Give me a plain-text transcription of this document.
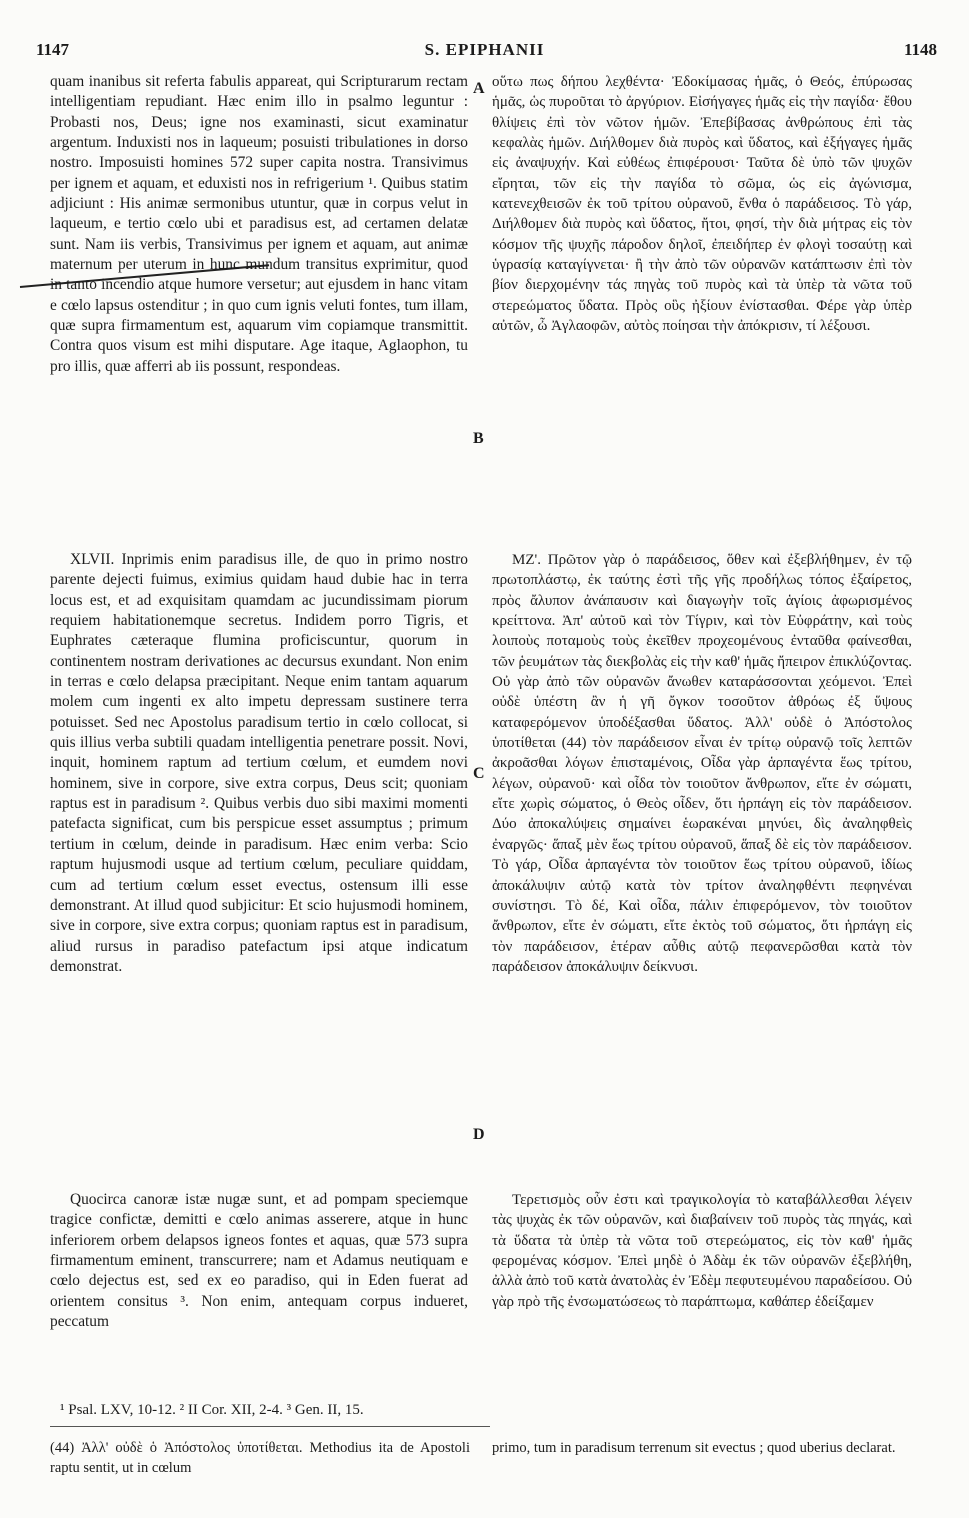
1147	S. EPIPHANII	1148
A
B
C
D

quam inanibus sit referta fabulis appareat, qui Scripturarum rectam intelligentiam repudiant. Hæc enim illo in psalmo leguntur : Probasti nos, Deus; igne nos examinasti, sicut examinatur argentum. Induxisti nos in laqueum; posuisti tribulationes in dorso nostro. Imposuisti homines 572 super capita nostra. Transivimus per ignem et aquam, et eduxisti nos in refrigerium ¹. Quibus statim adjiciunt : His animæ sermonibus utuntur, quæ in corpus velut in laqueum, e tertio cœlo ubi et paradisus est, ad certamen delatæ sunt. Nam iis verbis, Transivimus per ignem et aquam, aut animæ maternum per uterum in hunc mundum transitus exprimitur, quod in tanto incendio atque humore versetur; aut ejusdem in hanc vitam e cœlo lapsus ostenditur ; in quo cum ignis veluti fontes, tum illam, quæ supra firmamentum est, aquarum vim copiamque transmittit. Contra quos visum est mihi disputare. Age itaque, Aglaophon, tu pro illis, quæ afferri ab iis possunt, respondeas.

XLVII. Inprimis enim paradisus ille, de quo in primo nostro parente dejecti fuimus, eximius quidam haud dubie hac in terra locus est, et ad exquisitam quamdam ac jucundissimam piorum requiem habitationemque secretus. Indidem porro Tigris, et Euphrates cæteraque flumina proficiscuntur, quorum in continentem nostram derivationes ac decursus exundant. Non enim in terras e cœlo delapsa præcipitant. Neque enim tantam aquarum molem cum ingenti ex alto impetu depressam sustinere terra potuisset. Sed nec Apostolus paradisum tertio in cœlo collocat, si quis illius verba subtili quadam intelligentia penetrare possit. Novi, inquit, hominem raptum ad tertium cœlum, et eumdem novi hominem, sive in corpore, sive extra corpus, Deus scit; quoniam raptus est in paradisum ². Quibus verbis duo sibi maximi momenti patefacta significat, cum bis perspicue esset assumptus ; primum tertium in cœlum, deinde in paradisum. Hæc enim verba: Scio raptum hujusmodi usque ad tertium cœlum, peculiare quiddam, cum ad tertium cœlum esset evectus, ostensum illi esse demonstrant. At illud quod subjicitur: Et scio hujusmodi hominem, sive in corpore, sive extra corpus; quoniam raptus est in paradisum, aliud rursus in paradiso patefactum ipsi atque indicatum demonstrat.

Quocirca canoræ istæ nugæ sunt, et ad pompam speciemque tragice confictæ, demitti e cœlo animas asserere, atque in hunc inferiorem orbem delapsos igneos fontes et aquas, quæ 573 supra firmamentum eminent, transcurrere; nam et Adamus neutiquam e cœlo dejectus est, sed ex eo paradiso, qui in Eden fuerat ad orientem consitus ³. Non enim, antequam corpus indueret, peccatum

οὕτω πως δήπου λεχθέντα· Ἐδοκίμασας ἡμᾶς, ὁ Θεός, ἐπύρωσας ἡμᾶς, ὡς πυροῦται τὸ ἀργύριον. Εἰσήγαγες ἡμᾶς εἰς τὴν παγίδα· ἔθου θλίψεις ἐπὶ τὸν νῶτον ἡμῶν. Ἐπεβίβασας ἀνθρώπους ἐπὶ τὰς κεφαλὰς ἡμῶν. Διήλθομεν διὰ πυρὸς καὶ ὕδατος, καὶ ἐξήγαγες ἡμᾶς εἰς ἀναψυχήν. Καὶ εὐθέως ἐπιφέρουσι· Ταῦτα δὲ ὑπὸ τῶν ψυχῶν εἴρηται, τῶν εἰς τὴν παγίδα τὸ σῶμα, ὡς εἰς ἀγώνισμα, κατενεχθεισῶν ἐκ τοῦ τρίτου οὐρανοῦ, ἔνθα ὁ παράδεισος. Τὸ γάρ, Διήλθομεν διὰ πυρὸς καὶ ὕδατος, ἤτοι, φησί, τὴν διὰ μήτρας εἰς τὸν κόσμον τῆς ψυχῆς πάροδον δηλοῖ, ἐπειδήπερ ἐν φλογὶ τοσαύτῃ καὶ ὑγρασίᾳ καταγίγνεται· ἢ τὴν ἀπὸ τῶν οὐρανῶν κατάπτωσιν ἐπὶ τὸν βίον διερχομένην τάς πηγὰς τοῦ πυρὸς καὶ τὰ ὑπὲρ τὰ νῶτα τοῦ στερεώματος ὕδατα. Πρὸς οὓς ἠξίουν ἐνίστασθαι. Φέρε γὰρ ὑπὲρ αὐτῶν, ὦ Ἀγλαοφῶν, αὐτὸς ποίησαι τὴν ἀπόκρισιν, τί λέξουσι.

ΜΖ'. Πρῶτον γὰρ ὁ παράδεισος, ὅθεν καὶ ἐξεβλήθημεν, ἐν τῷ πρωτοπλάστῳ, ἐκ ταύτης ἐστὶ τῆς γῆς προδήλως τόπος ἐξαίρετος, πρὸς ἄλυπον ἀνάπαυσιν καὶ διαγωγὴν τοῖς ἁγίοις ἀφωρισμένος κρείττονα. Ἀπ' αὐτοῦ καὶ τὸν Τίγριν, καὶ τὸν Εὐφράτην, καὶ τοὺς λοιποὺς ποταμοὺς τοὺς ἐκεῖθεν προχεομένους ἐνταῦθα φαίνεσθαι, τῶν ῥευμάτων τὰς διεκβολὰς εἰς τὴν καθ' ἡμᾶς ἤπειρον ἐπικλύζοντας. Οὐ γὰρ ἀπὸ τῶν οὐρανῶν ἄνωθεν καταράσσονται χεόμενοι. Ἐπεὶ οὐδὲ ὑπέστη ἂν ἡ γῆ ὄγκον τοσοῦτον ἀθρόως ἐξ ὕψους καταφερόμενον ὑποδέξασθαι ὕδατος. Ἀλλ' οὐδὲ ὁ Ἀπόστολος ὑποτίθεται (44) τὸν παράδεισον εἶναι ἐν τρίτῳ οὐρανῷ τοῖς λεπτῶν ἀκροᾶσθαι λόγων ἐπισταμένοις, Οἶδα γὰρ ἁρπαγέντα ἕως τρίτου, λέγων, οὐρανοῦ· καὶ οἶδα τὸν τοιοῦτον ἄνθρωπον, εἴτε ἐν σώματι, εἴτε χωρὶς σώματος, ὁ Θεὸς οἶδεν, ὅτι ἡρπάγη εἰς τὸν παράδεισον. Δύο ἀποκαλύψεις σημαίνει ἑωρακέναι μηνύει, δὶς ἀναληφθεὶς ἐναργῶς· ἅπαξ μὲν ἕως τρίτου οὐρανοῦ, ἅπαξ δὲ εἰς τὸν παράδεισον. Τὸ γάρ, Οἶδα ἁρπαγέντα τὸν τοιοῦτον ἕως τρίτου οὐρανοῦ, ἰδίως ἀποκάλυψιν αὐτῷ κατὰ τὸν τρίτον ἀναληφθέντι πεφηνέναι συνίστησι. Τὸ δέ, Καὶ οἶδα, πάλιν ἐπιφερόμενον, τὸν τοιοῦτον ἄνθρωπον, εἴτε ἐν σώματι, εἴτε ἐκτὸς τοῦ σώματος, ὅτι ἡρπάγη εἰς τὸν παράδεισον, ἑτέραν αὖθις αὐτῷ πεφανερῶσθαι κατὰ τὸν παράδεισον ἀποκάλυψιν δείκνυσι.

Τερετισμὸς οὖν ἐστι καὶ τραγικολογία τὸ καταβάλλεσθαι λέγειν τὰς ψυχὰς ἐκ τῶν οὐρανῶν, καὶ διαβαίνειν τοῦ πυρὸς τὰς πηγάς, καὶ τὰ ὕδατα τὰ ὑπὲρ τὰ νῶτα τοῦ στερεώματος, εἰς τὸν καθ' ἡμᾶς φερομένας κόσμον. Ἐπεὶ μηδὲ ὁ Ἀδὰμ ἐκ τῶν οὐρανῶν ἐξεβλήθη, ἀλλὰ ἀπὸ τοῦ κατὰ ἀνατολὰς ἐν Ἐδὲμ πεφυτευμένου παραδείσου. Οὐ γὰρ πρὸ τῆς ἐνσωματώσεως τὸ παράπτωμα, καθάπερ ἐδείξαμεν

¹ Psal. LXV, 10-12. ² II Cor. XII, 2-4. ³ Gen. II, 15.
(44) Ἀλλ' οὐδὲ ὁ Ἀπόστολος ὑποτίθεται. Methodius ita de Apostoli raptu sentit, ut in cœlum
primo, tum in paradisum terrenum sit evectus ; quod uberius declarat.
